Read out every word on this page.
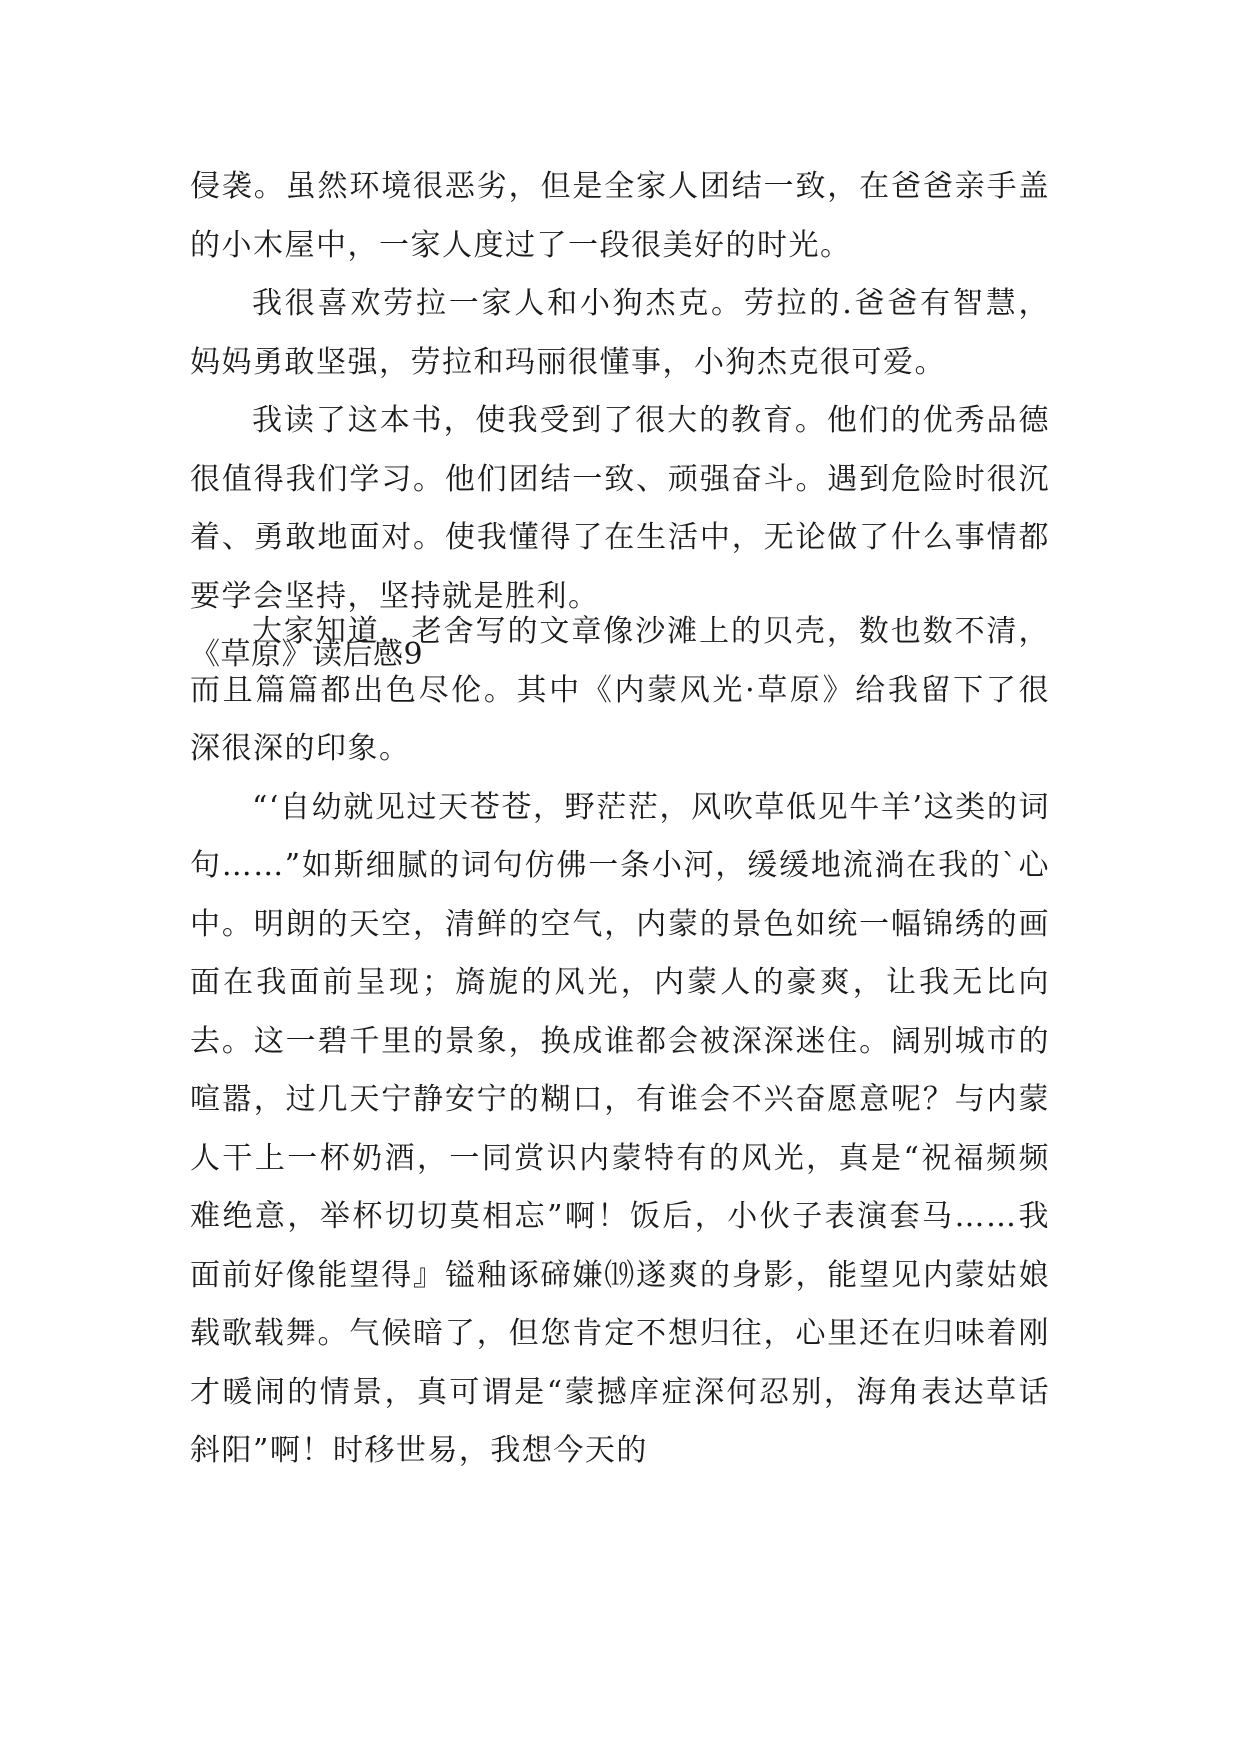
侵袭。虽然环境很恶劣，但是全家人团结一致，在爸爸亲手盖的小木屋中，一家人度过了一段很美好的时光。

我很喜欢劳拉一家人和小狗杰克。劳拉的.爸爸有智慧，妈妈勇敢坚强，劳拉和玛丽很懂事，小狗杰克很可爱。

我读了这本书，使我受到了很大的教育。他们的优秀品德很值得我们学习。他们团结一致、顽强奋斗。遇到危险时很沉着、勇敢地面对。使我懂得了在生活中，无论做了什么事情都要学会坚持，坚持就是胜利。

《草原》读后感9

大家知道，老舍写的文章像沙滩上的贝壳，数也数不清，而且篇篇都出色尽伦。其中《内蒙风光·草原》给我留下了很深很深的印象。

“‘自幼就见过天苍苍，野茫茫，风吹草低见牛羊’这类的词句……”如斯细腻的词句仿佛一条小河，缓缓地流淌在我的`心中。明朗的天空，清鲜的空气，内蒙的景色如统一幅锦绣的画面在我面前呈现；旖旎的风光，内蒙人的豪爽，让我无比向去。这一碧千里的景象，换成谁都会被深深迷住。阔别城市的喧嚣，过几天宁静安宁的糊口，有谁会不兴奋愿意呢？与内蒙人干上一杯奶酒，一同赏识内蒙特有的风光，真是“祝福频频难绝意，举杯切切莫相忘”啊！饭后，小伙子表演套马……我面前好像能望得』镒釉诼碲嫌⒆遂爽的身影，能望见内蒙姑娘载歌载舞。气候暗了，但您肯定不想归往，心里还在归味着刚才暖闹的情景，真可谓是“蒙撼庠症深何忍别，海角表达草话斜阳”啊！时移世易，我想今天的
